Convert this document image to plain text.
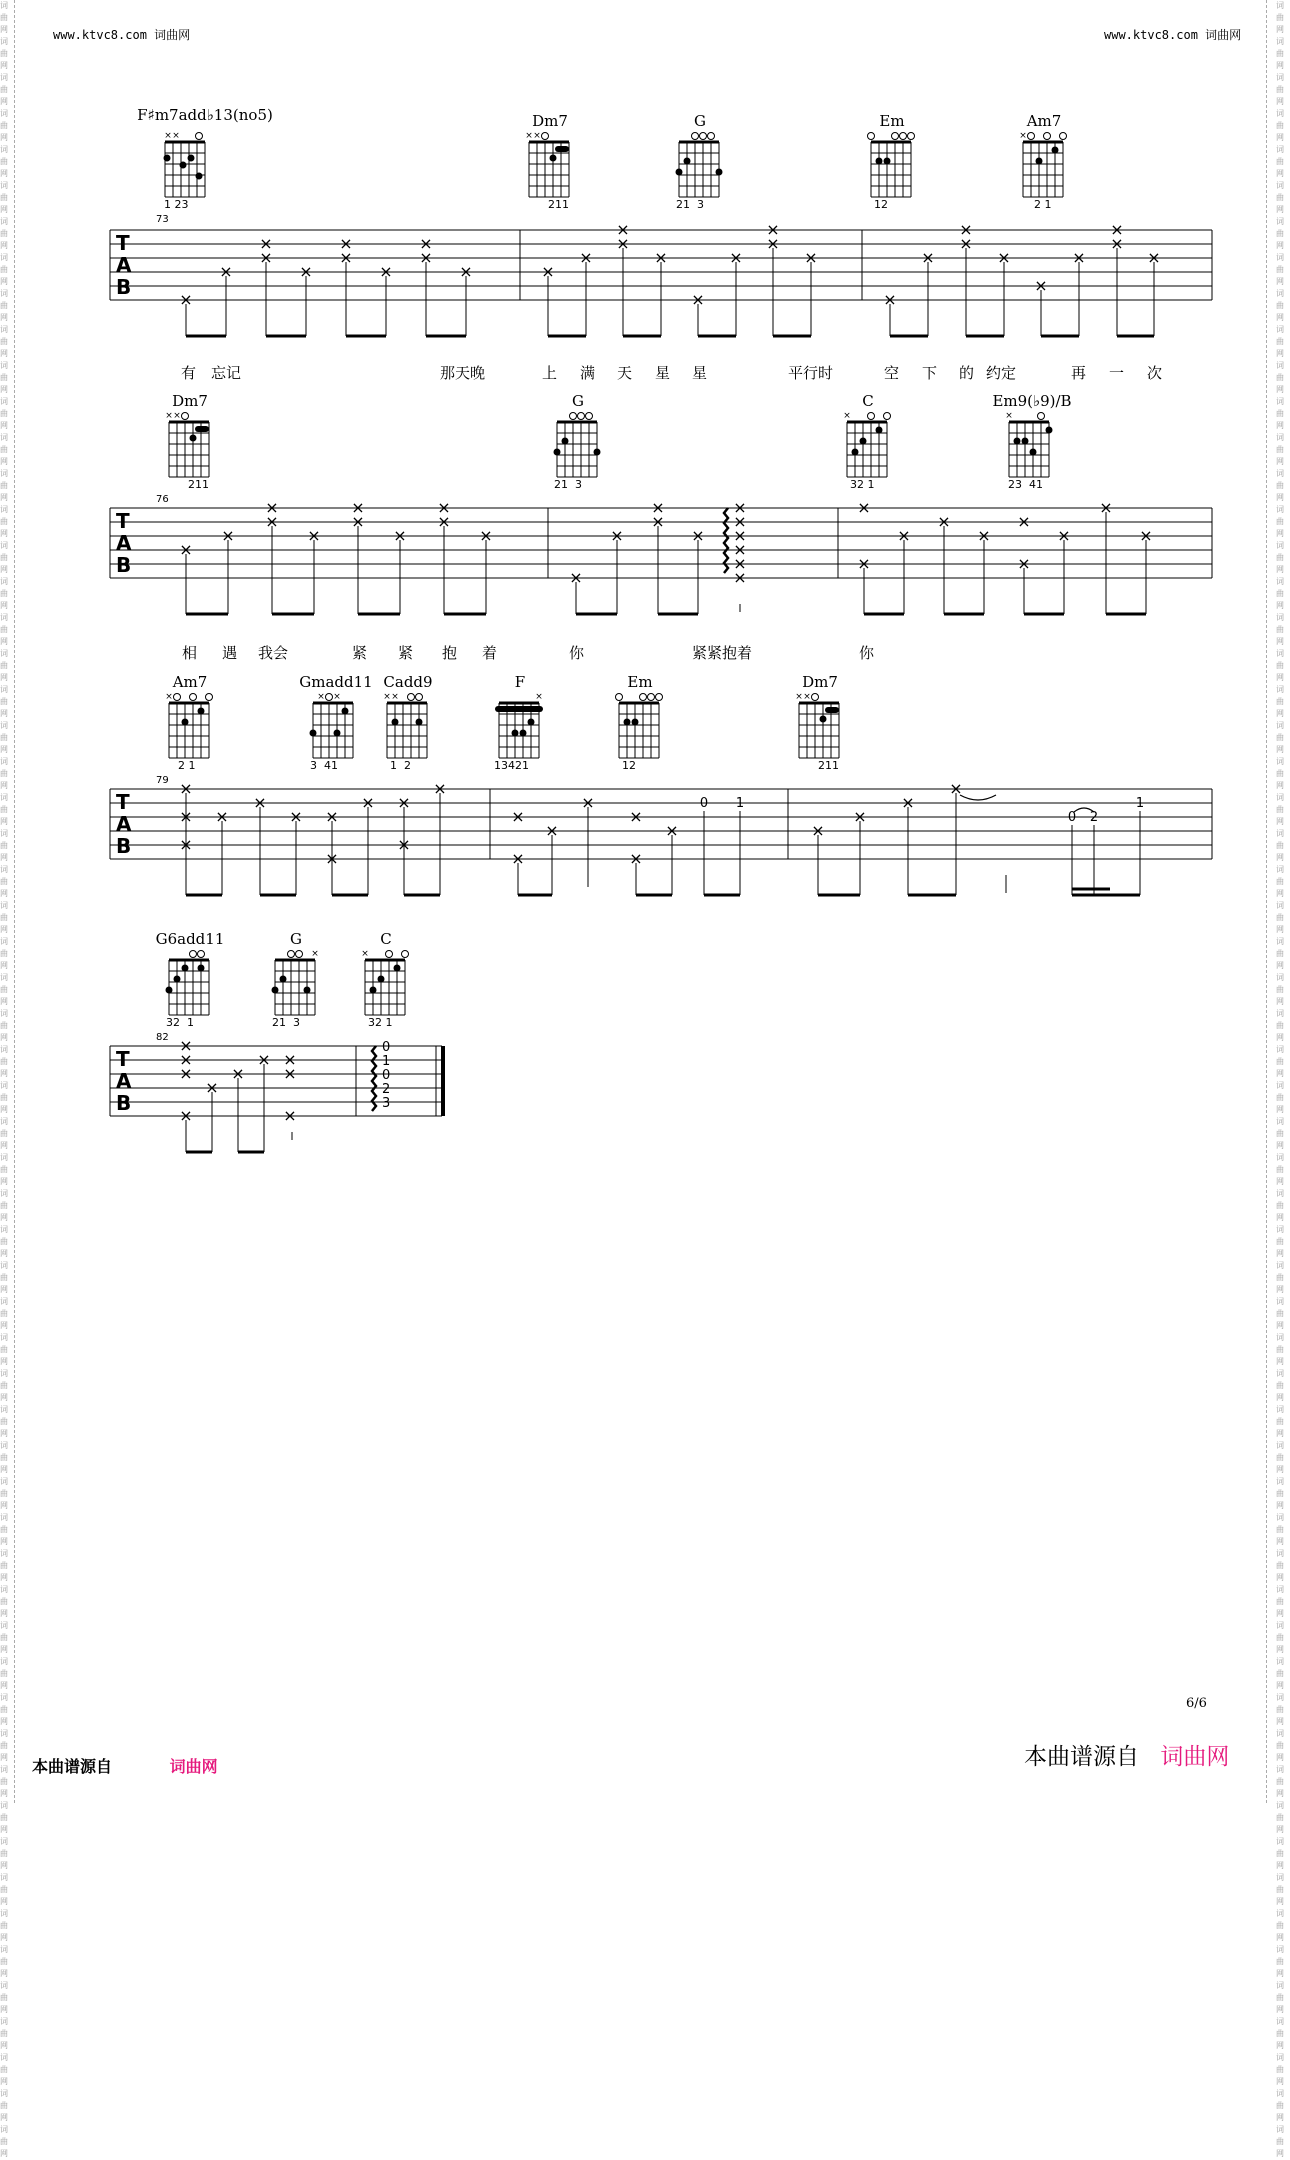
词曲网词曲网词曲网词曲网词曲网词曲网词曲网词曲网词曲网词曲网词曲网词曲网词曲网词曲网词曲网词曲网词曲网词曲网词曲网词曲网词曲网词曲网词曲网词曲网词曲网词曲网词曲网词曲网词曲网词曲网词曲网词曲网词曲网词曲网词曲网词曲网词曲网词曲网词曲网词曲网词曲网词曲网词曲网词曲网词曲网词曲网词曲网词曲网词曲网词曲网词曲网词曲网词曲网词曲网词曲网词曲网词曲网词曲网词曲网词曲网
词曲网词曲网词曲网词曲网词曲网词曲网词曲网词曲网词曲网词曲网词曲网词曲网词曲网词曲网词曲网词曲网词曲网词曲网词曲网词曲网词曲网词曲网词曲网词曲网词曲网词曲网词曲网词曲网词曲网词曲网词曲网词曲网词曲网词曲网词曲网词曲网词曲网词曲网词曲网词曲网词曲网词曲网词曲网词曲网词曲网词曲网词曲网词曲网词曲网词曲网词曲网词曲网词曲网词曲网词曲网词曲网词曲网词曲网词曲网词曲网
www.ktvc8.com 词曲网	www.ktvc8.com 词曲网
F♯m7add♭13(no5)
× ×
1 23
Dm7
× ×
211
G
21  3
Em
12
Am7
×
2 1
73
T
A
B
×
×
×
×
×
×
×
×
×
×
×	×
×
×
×
×
×
×
×
×
×
×
×
×
×
×
×
×
×
×
×
有 忘记	那天晚	上 满 天 星 星	平行时	空 下 的 约定	再 一 次
Dm7
× ×
211
G
21  3
C
×
32 1
Em9(♭9)/B
×
23  41
76
T
A
B
×
×
×
×
×
×
×
×
×
×
×
×
×
×
×
×
×
×
×
×
×
×
×
×
×
×
×
×
×
×
×
×
相 遇 我会	紧 紧 抱 着	你	紧紧抱着	你
Am7
×
2 1
Gmadd11
× ×
3  41
Cadd9
× ×
1  2
F
×
13421
Em
12
Dm7
× ×
211
79
T
A
B
×
×
×
×
×
× ×
×
× ×
×
×
×
×
×
×
×
×
×	×
×
×
×
0 1
0 2
1
G6add11
32  1
G
×
21  3
C
×
32 1
82
T
A
B
×
×
×
×
×
×
× ×
×
×
0
1
0
2
3
6/6
本曲谱源自	词曲网	本曲谱源自 词曲网
